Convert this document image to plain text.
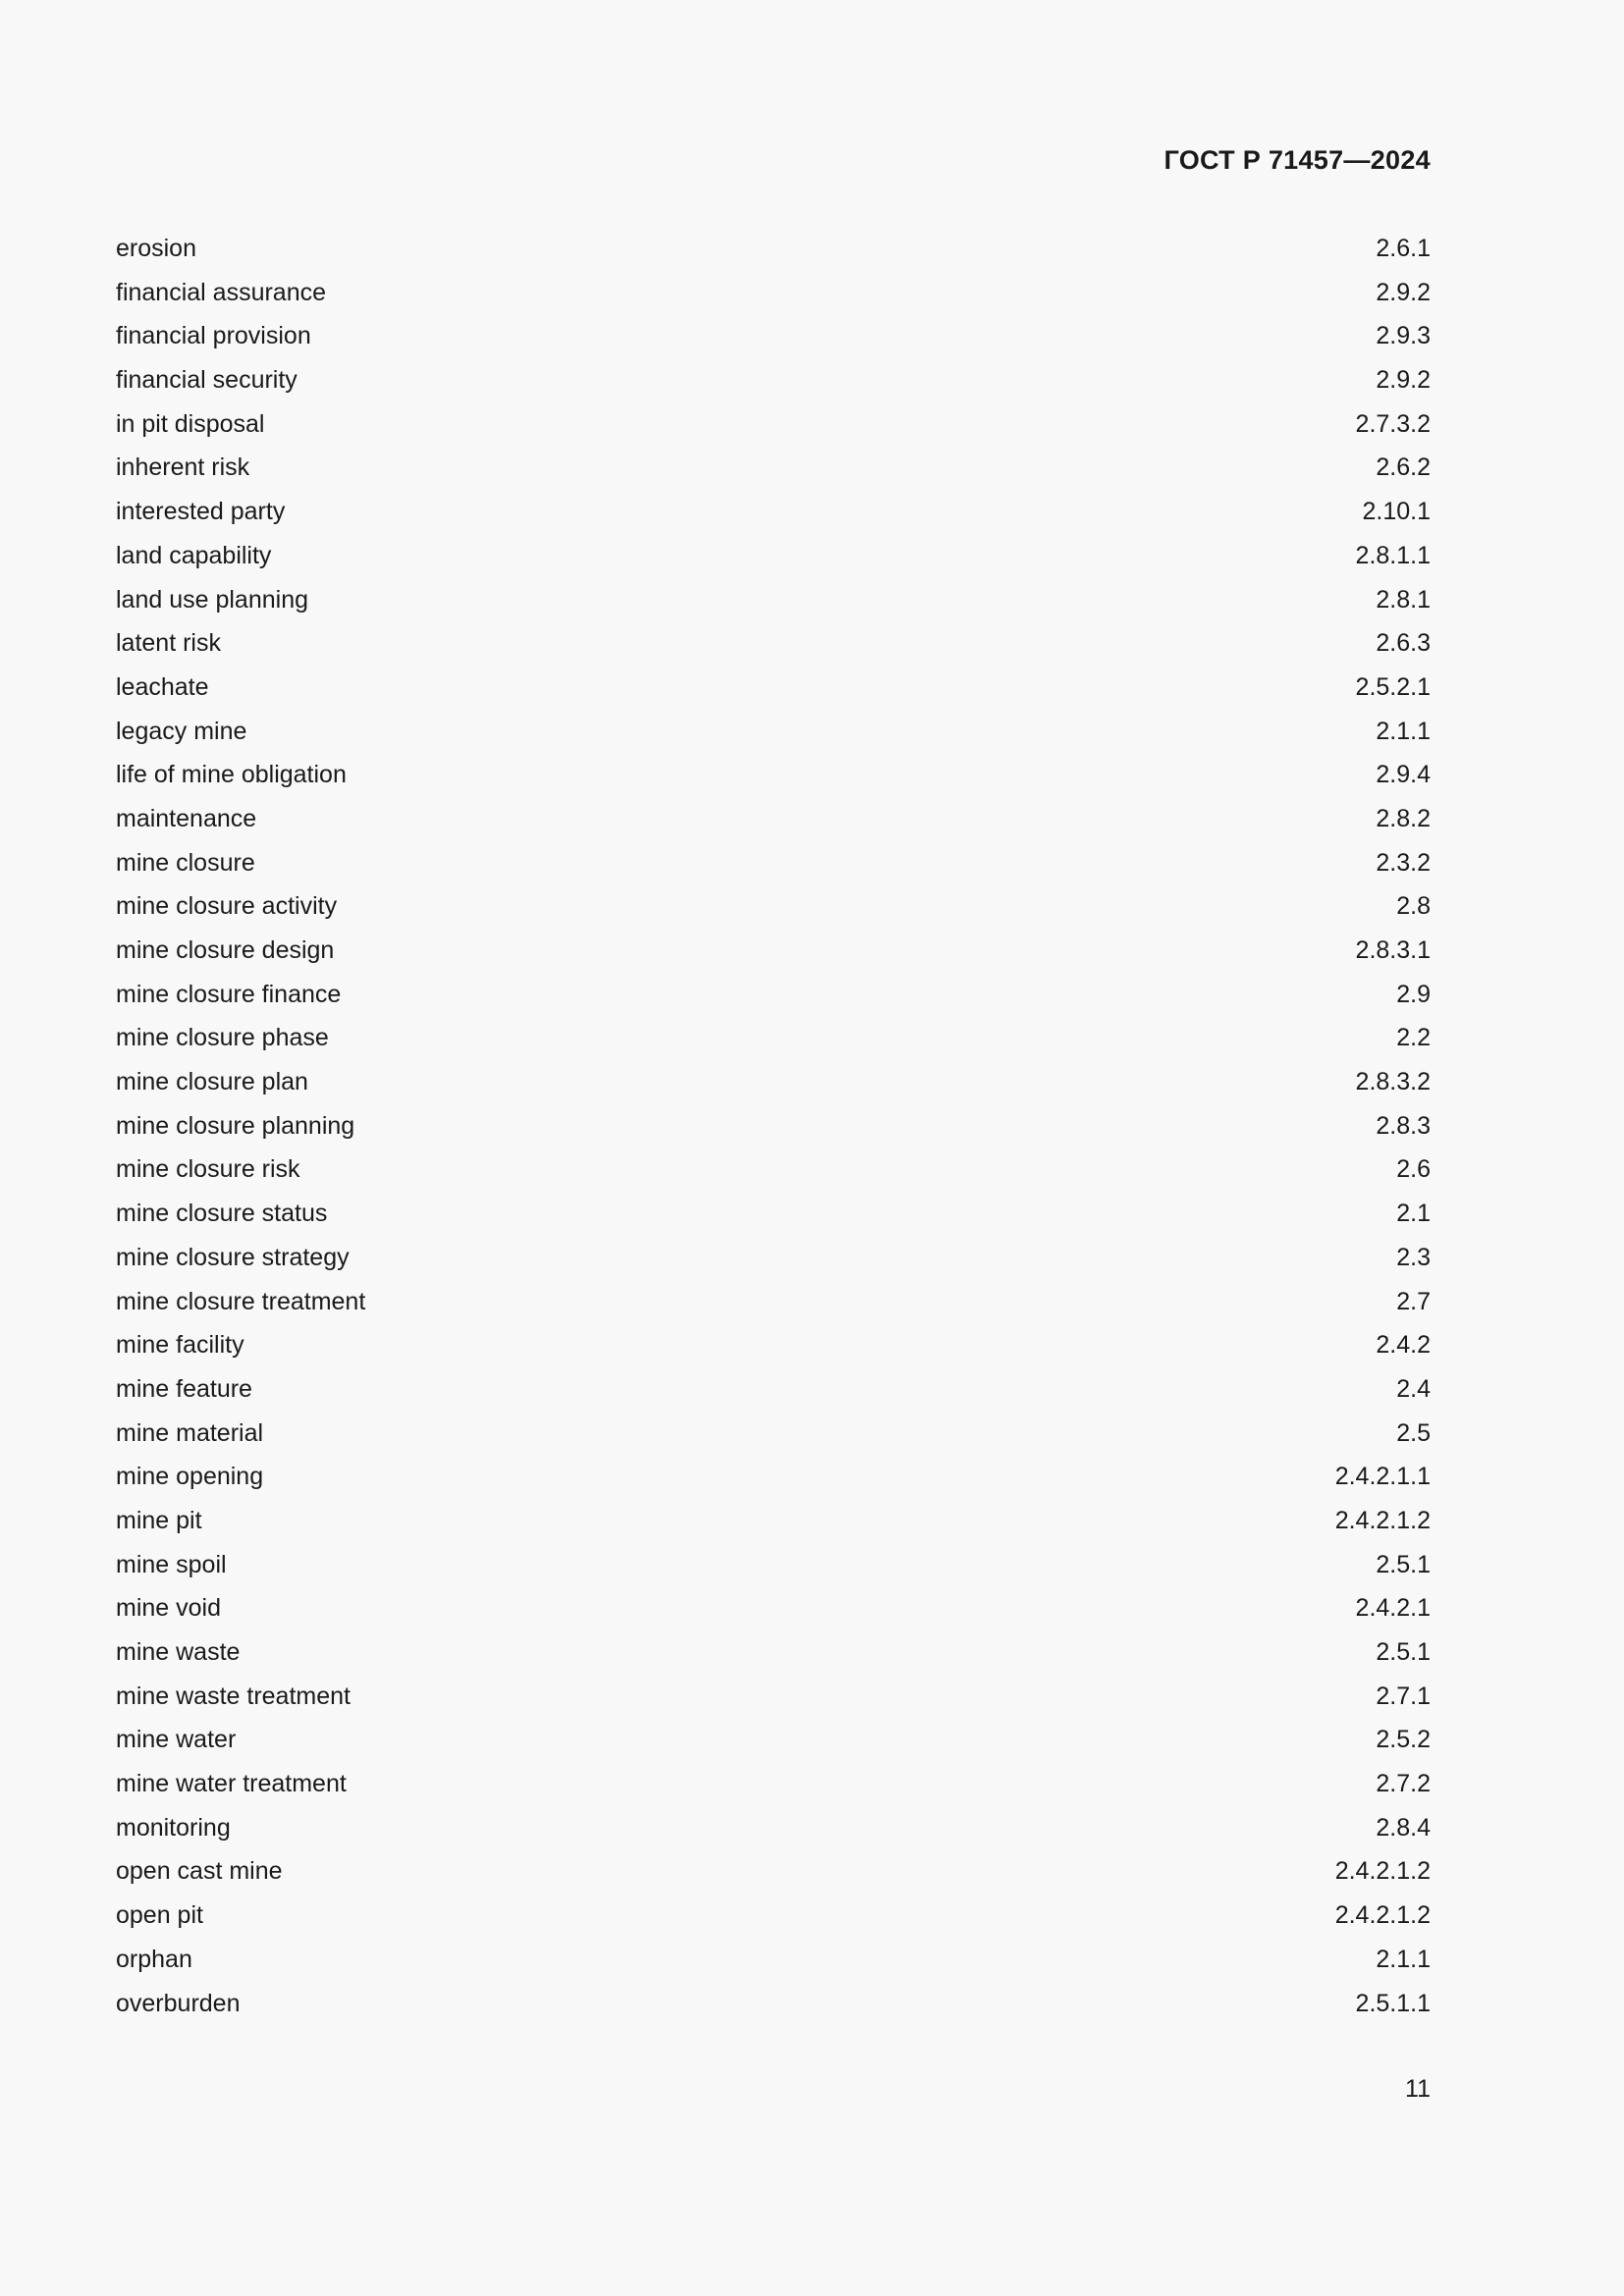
ГОСТ Р 71457—2024
erosion	2.6.1
financial assurance	2.9.2
financial provision	2.9.3
financial security	2.9.2
in pit disposal	2.7.3.2
inherent risk	2.6.2
interested party	2.10.1
land capability	2.8.1.1
land use planning	2.8.1
latent risk	2.6.3
leachate	2.5.2.1
legacy mine	2.1.1
life of mine obligation	2.9.4
maintenance	2.8.2
mine closure	2.3.2
mine closure activity	2.8
mine closure design	2.8.3.1
mine closure finance	2.9
mine closure phase	2.2
mine closure plan	2.8.3.2
mine closure planning	2.8.3
mine closure risk	2.6
mine closure status	2.1
mine closure strategy	2.3
mine closure treatment	2.7
mine facility	2.4.2
mine feature	2.4
mine material	2.5
mine opening	2.4.2.1.1
mine pit	2.4.2.1.2
mine spoil	2.5.1
mine void	2.4.2.1
mine waste	2.5.1
mine waste treatment	2.7.1
mine water	2.5.2
mine water treatment	2.7.2
monitoring	2.8.4
open cast mine	2.4.2.1.2
open pit	2.4.2.1.2
orphan	2.1.1
overburden	2.5.1.1
11
